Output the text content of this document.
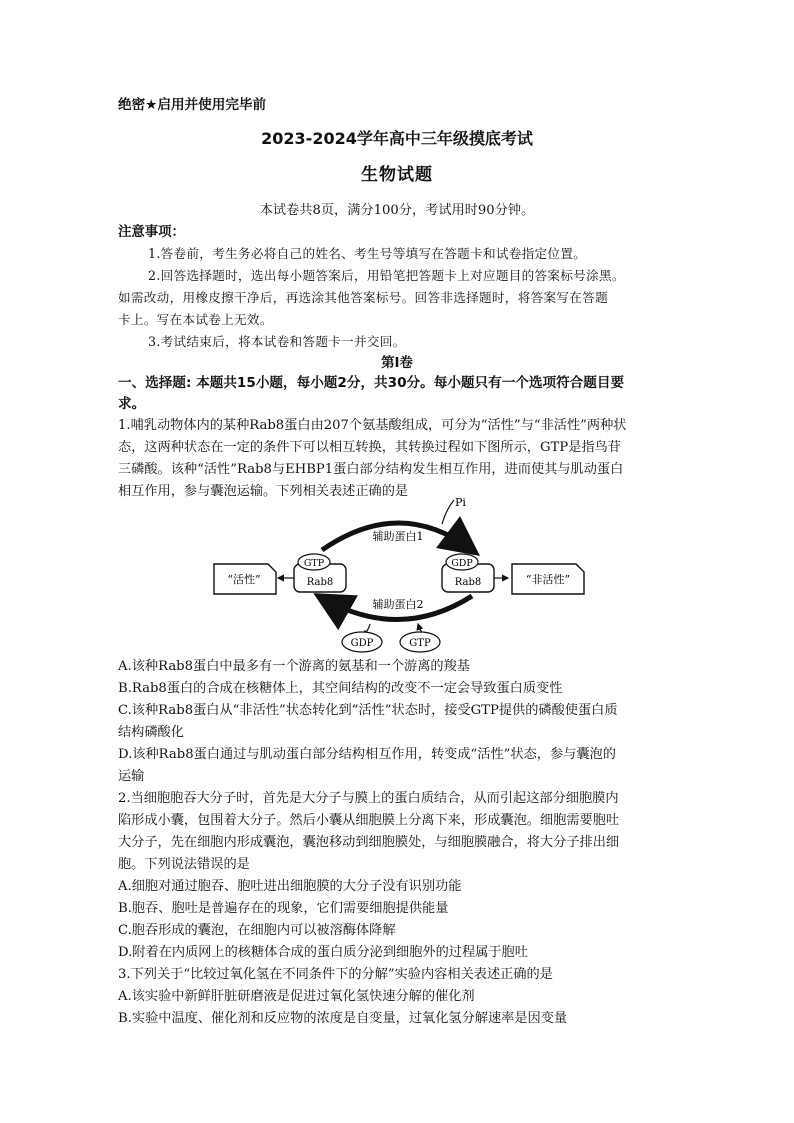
绝密★启用并使用完毕前
2023-2024学年高中三年级摸底考试
生物试题
本试卷共8页，满分100分，考试用时90分钟。
注意事项：
1.答卷前，考生务必将自己的姓名、考生号等填写在答题卡和试卷指定位置。
2.回答选择题时，选出每小题答案后，用铅笔把答题卡上对应题目的答案标号涂黑。
如需改动，用橡皮擦干净后，再选涂其他答案标号。回答非选择题时，将答案写在答题
卡上。写在本试卷上无效。
3.考试结束后，将本试卷和答题卡一并交回。
第Ⅰ卷
一、选择题: 本题共15小题，每小题2分，共30分。每小题只有一个选项符合题目要
求。
1.哺乳动物体内的某种Rab8蛋白由207个氨基酸组成，可分为“活性”与“非活性”两种状
态，这两种状态在一定的条件下可以相互转换，其转换过程如下图所示，GTP是指鸟苷
三磷酸。该种“活性”Rab8与EHBP1蛋白部分结构发生相互作用，进而使其与肌动蛋白
相互作用，参与囊泡运输。下列相关表述正确的是
Pi
辅助蛋白1
辅助蛋白2
GDP	GTP
GTP
Rab8
GDP
Rab8
“活性”	“非活性”
A.该种Rab8蛋白中最多有一个游离的氨基和一个游离的羧基
B.Rab8蛋白的合成在核糖体上，其空间结构的改变不一定会导致蛋白质变性
C.该种Rab8蛋白从“非活性”状态转化到“活性”状态时，接受GTP提供的磷酸使蛋白质
结构磷酸化
D.该种Rab8蛋白通过与肌动蛋白部分结构相互作用，转变成“活性”状态，参与囊泡的
运输
2.当细胞胞吞大分子时，首先是大分子与膜上的蛋白质结合，从而引起这部分细胞膜内
陷形成小囊，包围着大分子。然后小囊从细胞膜上分离下来，形成囊泡。细胞需要胞吐
大分子，先在细胞内形成囊泡，囊泡移动到细胞膜处，与细胞膜融合，将大分子排出细
胞。下列说法错误的是
A.细胞对通过胞吞、胞吐进出细胞膜的大分子没有识别功能
B.胞吞、胞吐是普遍存在的现象，它们需要细胞提供能量
C.胞吞形成的囊泡，在细胞内可以被溶酶体降解
D.附着在内质网上的核糖体合成的蛋白质分泌到细胞外的过程属于胞吐
3.下列关于“比较过氧化氢在不同条件下的分解”实验内容相关表述正确的是
A.该实验中新鲜肝脏研磨液是促进过氧化氢快速分解的催化剂
B.实验中温度、催化剂和反应物的浓度是自变量，过氧化氢分解速率是因变量
